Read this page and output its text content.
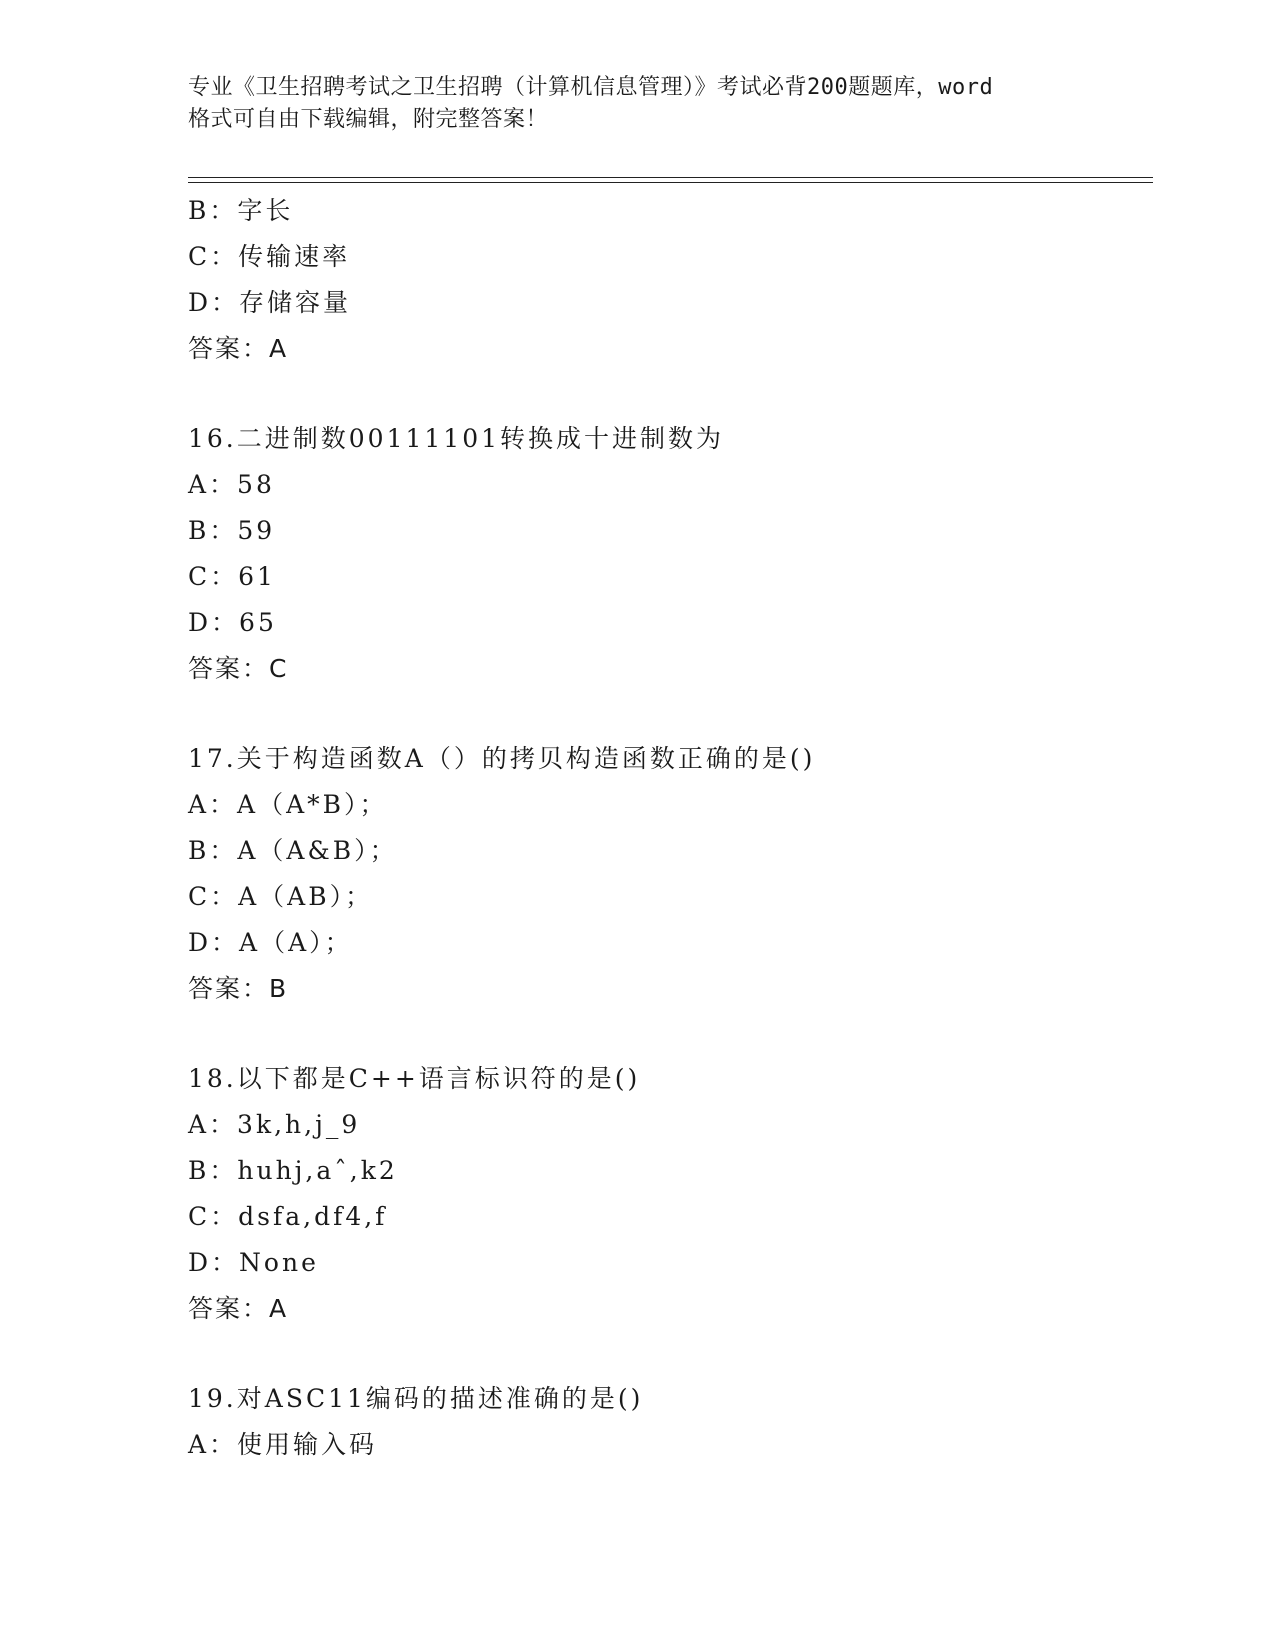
专业《卫生招聘考试之卫生招聘（计算机信息管理）》考试必背200题题库，word

格式可自由下载编辑，附完整答案！

B：字长
C：传输速率
D：存储容量
答案：A
16.二进制数00111101转换成十进制数为
A：58
B：59
C：61
D：65
答案：C
17.关于构造函数A（）的拷贝构造函数正确的是()
A：A（A*B）；
B：A（A&B）；
C：A（AB）；
D：A（A）；
答案：B
18.以下都是C++语言标识符的是()
A：3k,h,j_9
B：huhj,aˆ,k2
C：dsfa,df4,f
D：None
答案：A
19.对ASC11编码的描述准确的是()
A：使用输入码
